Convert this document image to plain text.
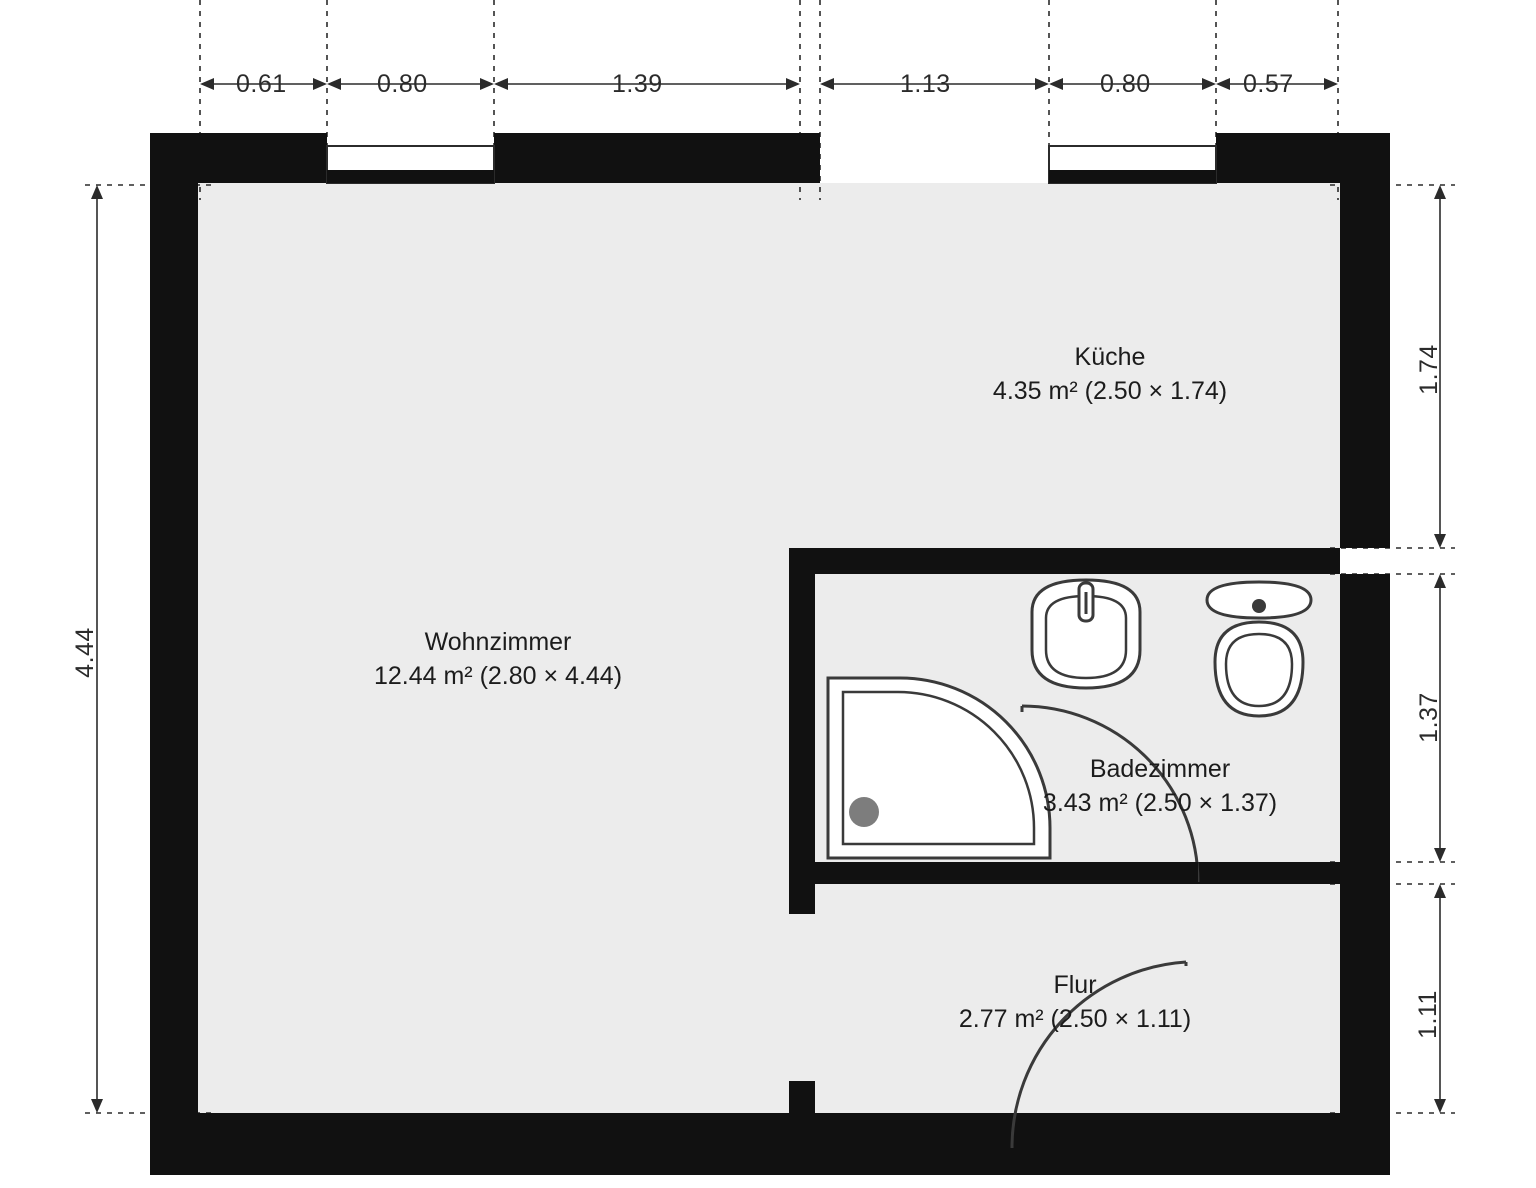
0.61	0.80	1.39	1.13	0.80	0.57
4.44
1.74
1.37
1.11
Küche
4.35 m² (2.50 × 1.74)
Wohnzimmer
12.44 m² (2.80 × 4.44)
Badezimmer
3.43 m² (2.50 × 1.37)
Flur
2.77 m² (2.50 × 1.11)
